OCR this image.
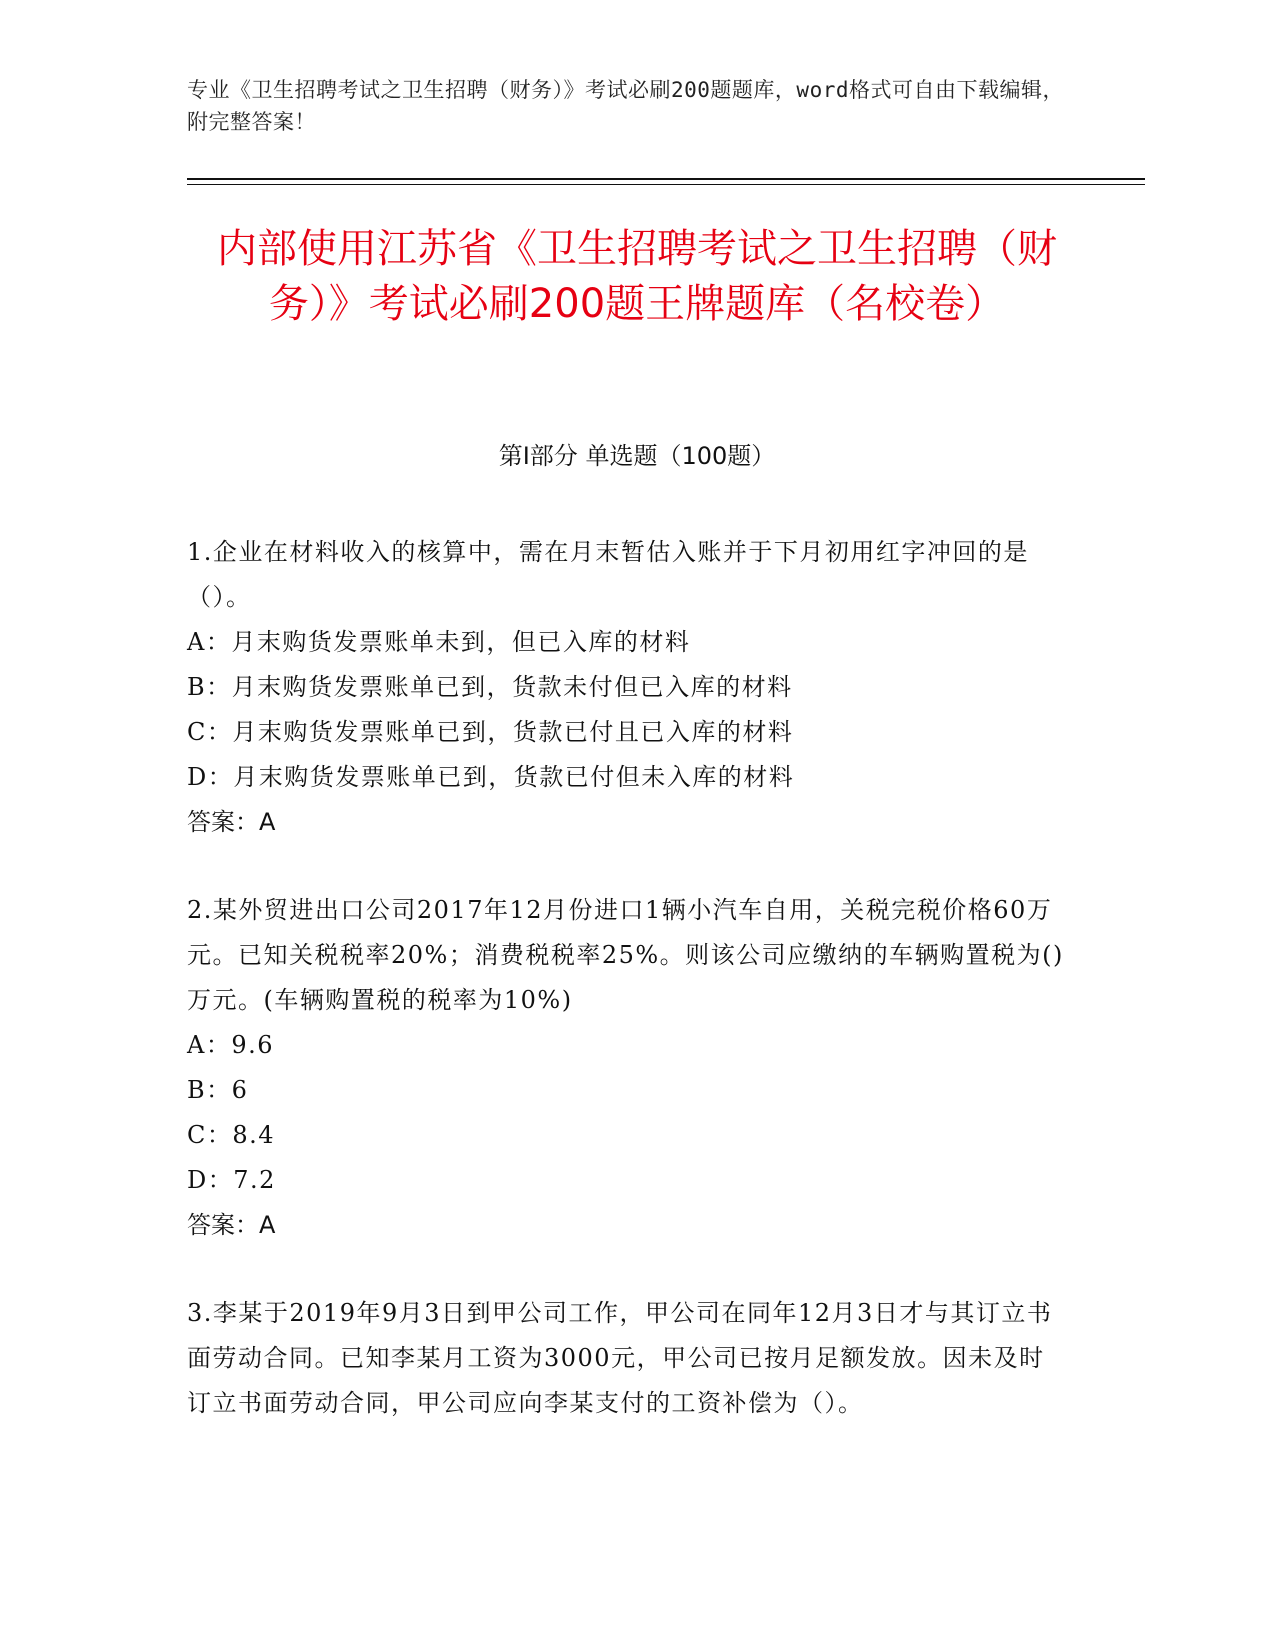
专业《卫生招聘考试之卫生招聘（财务）》考试必刷200题题库，word格式可自由下载编辑，附完整答案！
内部使用江苏省《卫生招聘考试之卫生招聘（财务）》考试必刷200题王牌题库（名校卷）
第I部分 单选题（100题）

1.企业在材料收入的核算中，需在月末暂估入账并于下月初用红字冲回的是（）。

A：月末购货发票账单未到，但已入库的材料

B：月末购货发票账单已到，货款未付但已入库的材料

C：月末购货发票账单已到，货款已付且已入库的材料

D：月末购货发票账单已到，货款已付但未入库的材料

答案：A

2.某外贸进出口公司2017年12月份进口1辆小汽车自用，关税完税价格60万元。已知关税税率20%；消费税税率25%。则该公司应缴纳的车辆购置税为()万元。(车辆购置税的税率为10%)

A：9.6

B：6

C：8.4

D：7.2

答案：A

3.李某于2019年9月3日到甲公司工作，甲公司在同年12月3日才与其订立书面劳动合同。已知李某月工资为3000元，甲公司已按月足额发放。因未及时订立书面劳动合同，甲公司应向李某支付的工资补偿为（）。
